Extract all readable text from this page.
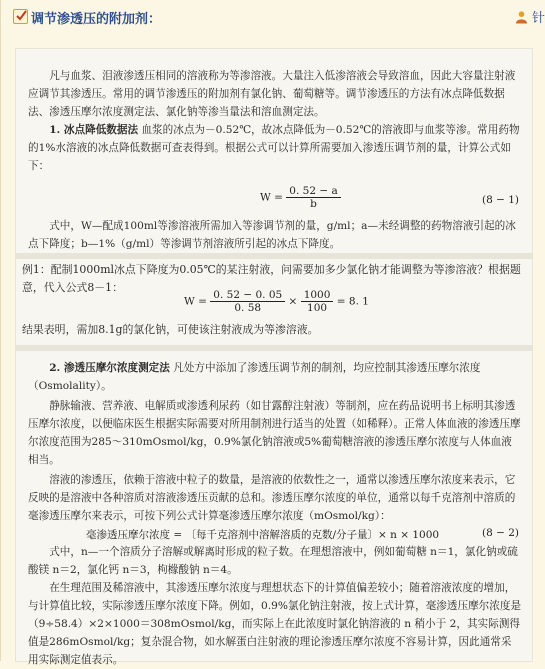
调节渗透压的附加剂：	针
凡与血浆、泪液渗透压相同的溶液称为等渗溶液。大量注入低渗溶液会导致溶血，因此大容量注射液应调节其渗透压。常用的调节渗透压的附加剂有氯化钠、葡萄糖等。调节渗透压的方法有冰点降低数据法、渗透压摩尔浓度测定法、氯化钠等渗当量法和溶血测定法。
1. 冰点降低数据法 血浆的冰点为－0.52℃，故冰点降低为－0.52℃的溶液即与血浆等渗。常用药物的1%水溶液的冰点降低数据可查表得到。根据公式可以计算所需要加入渗透压调节剂的量，计算公式如下：
$W = \frac{0. 52 - a}{b}$	(8 − 1)
式中，W—配成100ml等渗溶液所需加入等渗调节剂的量，g/ml；a—未经调整的药物溶液引起的冰点下降度；b—1%（g/ml）等渗调节剂溶液所引起的冰点下降度。
例1：配制1000ml冰点下降度为0.05℃的某注射液，问需要加多少氯化钠才能调整为等渗溶液？根据题意，代入公式8－1：
$W = \frac{0. 52 - 0. 05}{0. 58} \times \frac{1000}{100} = 8$. 1
结果表明，需加8.1g的氯化钠，可使该注射液成为等渗溶液。
2. 渗透压摩尔浓度测定法 凡处方中添加了渗透压调节剂的制剂，均应控制其渗透压摩尔浓度（Osmolality）。
静脉输液、营养液、电解质或渗透利尿药（如甘露醇注射液）等制剂，应在药品说明书上标明其渗透压摩尔浓度，以便临床医生根据实际需要对所用制剂进行适当的处置（如稀释）。正常人体血液的渗透压摩尔浓度范围为285～310mOsmol/kg，0.9%氯化钠溶液或5%葡萄糖溶液的渗透压摩尔浓度与人体血液相当。
溶液的渗透压，依赖于溶液中粒子的数量，是溶液的依数性之一，通常以渗透压摩尔浓度来表示，它反映的是溶液中各种溶质对溶液渗透压贡献的总和。渗透压摩尔浓度的单位，通常以每千克溶剂中溶质的毫渗透压摩尔来表示，可按下列公式计算毫渗透压摩尔浓度（mOsmol/kg）：
毫渗透压摩尔浓度 = 〔每千克溶剂中溶解溶质的克数/分子量〕× n × 1000	(8 − 2)
式中，n—一个溶质分子溶解或解离时形成的粒子数。在理想溶液中，例如葡萄糖 n＝1，氯化钠或硫酸镁 n＝2，氯化钙 n＝3，枸橼酸钠 n＝4。
在生理范围及稀溶液中，其渗透压摩尔浓度与理想状态下的计算值偏差较小；随着溶液浓度的增加，与计算值比较，实际渗透压摩尔浓度下降。例如，0.9%氯化钠注射液，按上式计算，毫渗透压摩尔浓度是（9÷58.4）×2×1000＝308mOsmol/kg，而实际上在此浓度时氯化钠溶液的 n 稍小于 2，其实际测得值是286mOsmol/kg；复杂混合物，如水解蛋白注射液的理论渗透压摩尔浓度不容易计算，因此通常采用实际测定值表示。
